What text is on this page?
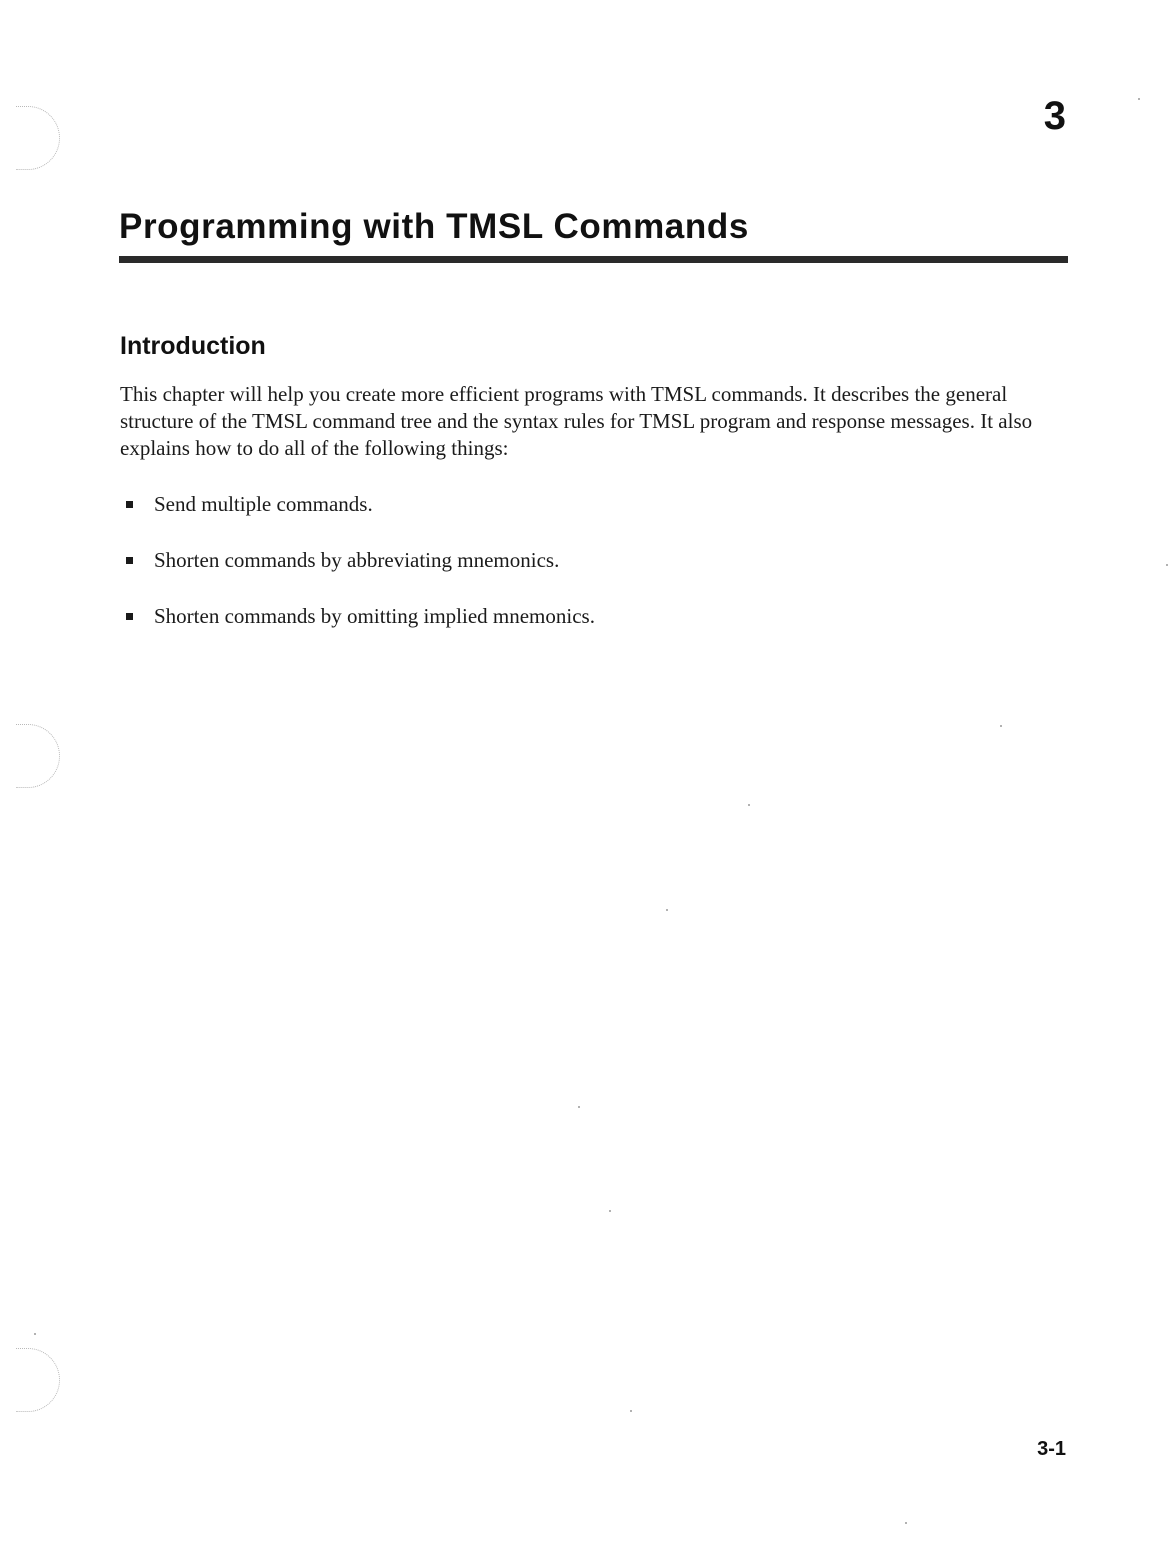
3
Programming with TMSL Commands
Introduction

This chapter will help you create more efficient programs with TMSL commands. It describes the general structure of the TMSL command tree and the syntax rules for TMSL program and response messages. It also explains how to do all of the following things:

Send multiple commands.
Shorten commands by abbreviating mnemonics.
Shorten commands by omitting implied mnemonics.
3-1
